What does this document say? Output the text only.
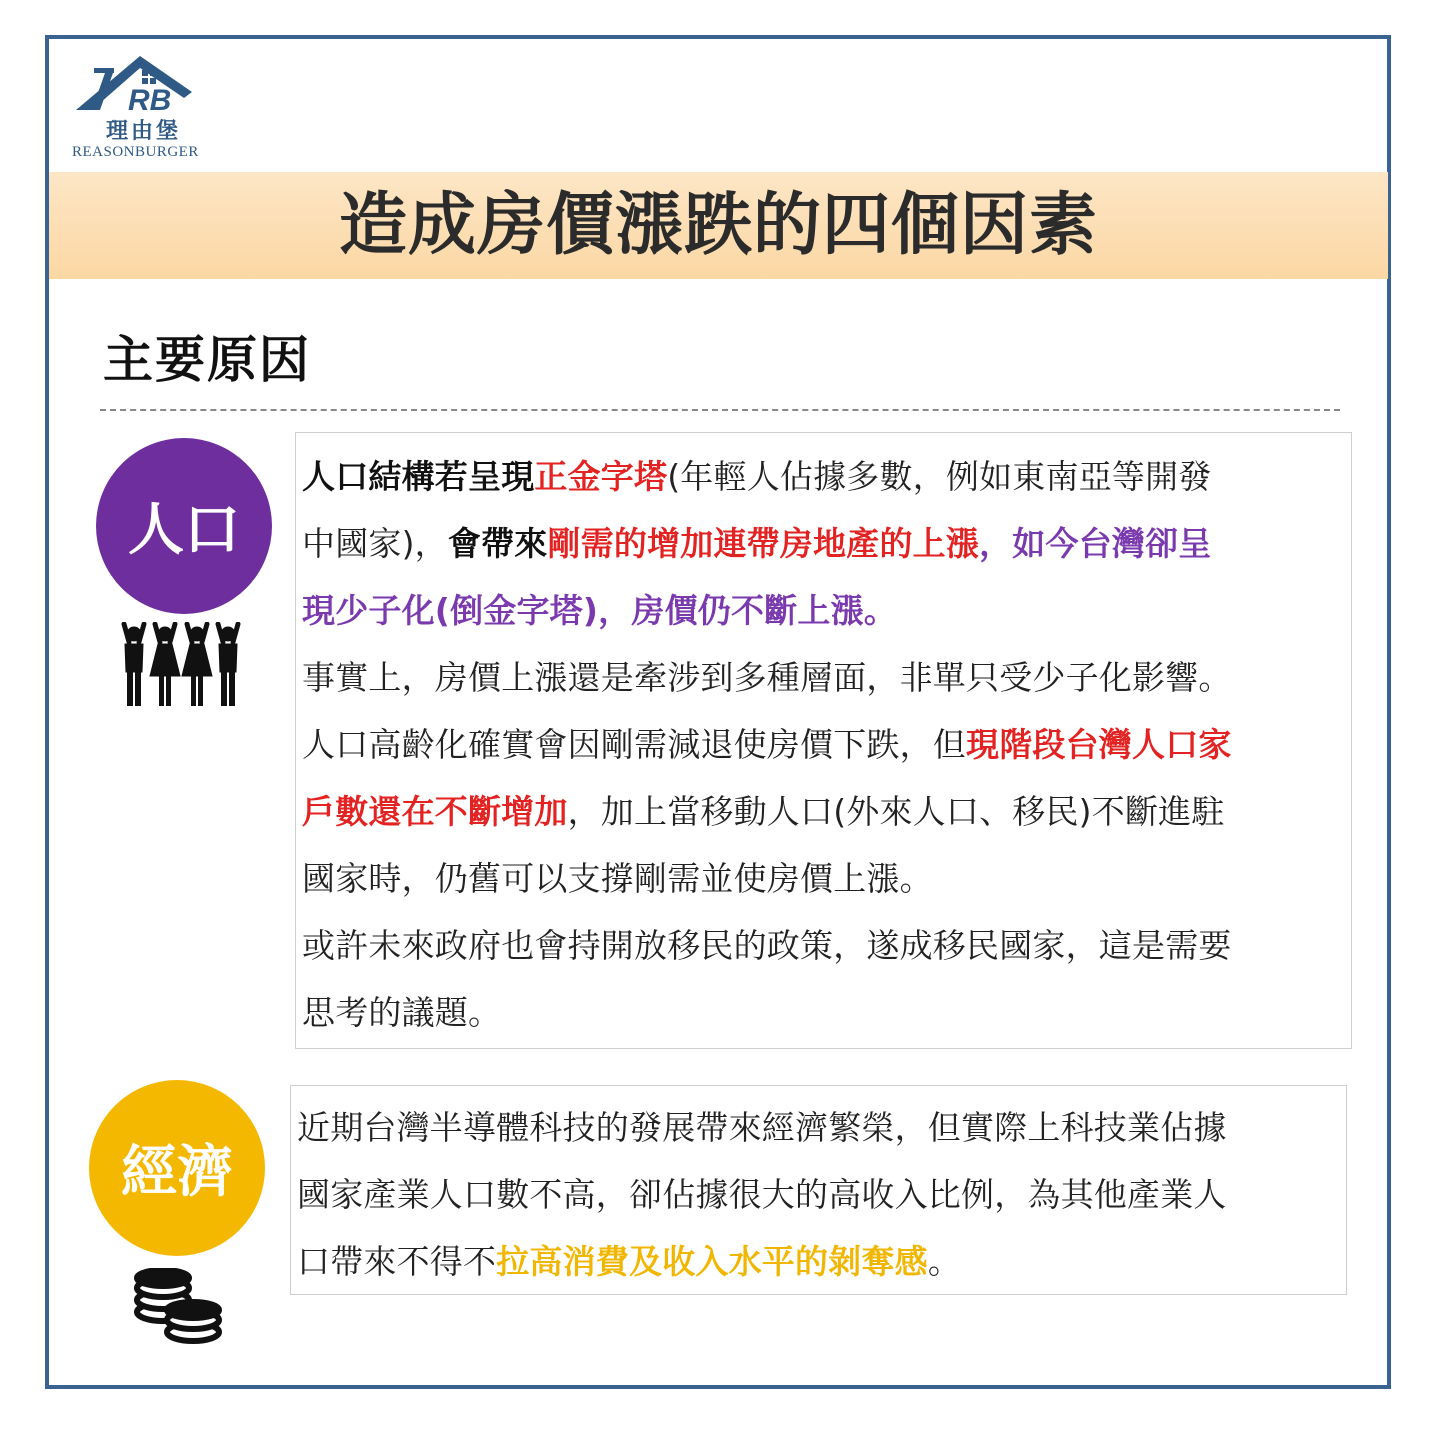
RB
理由堡
REASONBURGER
造成房價漲跌的四個因素
主要原因
人口

人口結構若呈現正金字塔(年輕人佔據多數，例如東南亞等開發

中國家)，會帶來剛需的增加連帶房地產的上漲，如今台灣卻呈

現少子化(倒金字塔)，房價仍不斷上漲。

事實上，房價上漲還是牽涉到多種層面，非單只受少子化影響。

人口高齡化確實會因剛需減退使房價下跌，但現階段台灣人口家

戶數還在不斷增加，加上當移動人口(外來人口、移民)不斷進駐

國家時，仍舊可以支撐剛需並使房價上漲。

或許未來政府也會持開放移民的政策，遂成移民國家，這是需要

思考的議題。

經濟

近期台灣半導體科技的發展帶來經濟繁榮，但實際上科技業佔據

國家產業人口數不高，卻佔據很大的高收入比例，為其他產業人

口帶來不得不拉高消費及收入水平的剝奪感。
